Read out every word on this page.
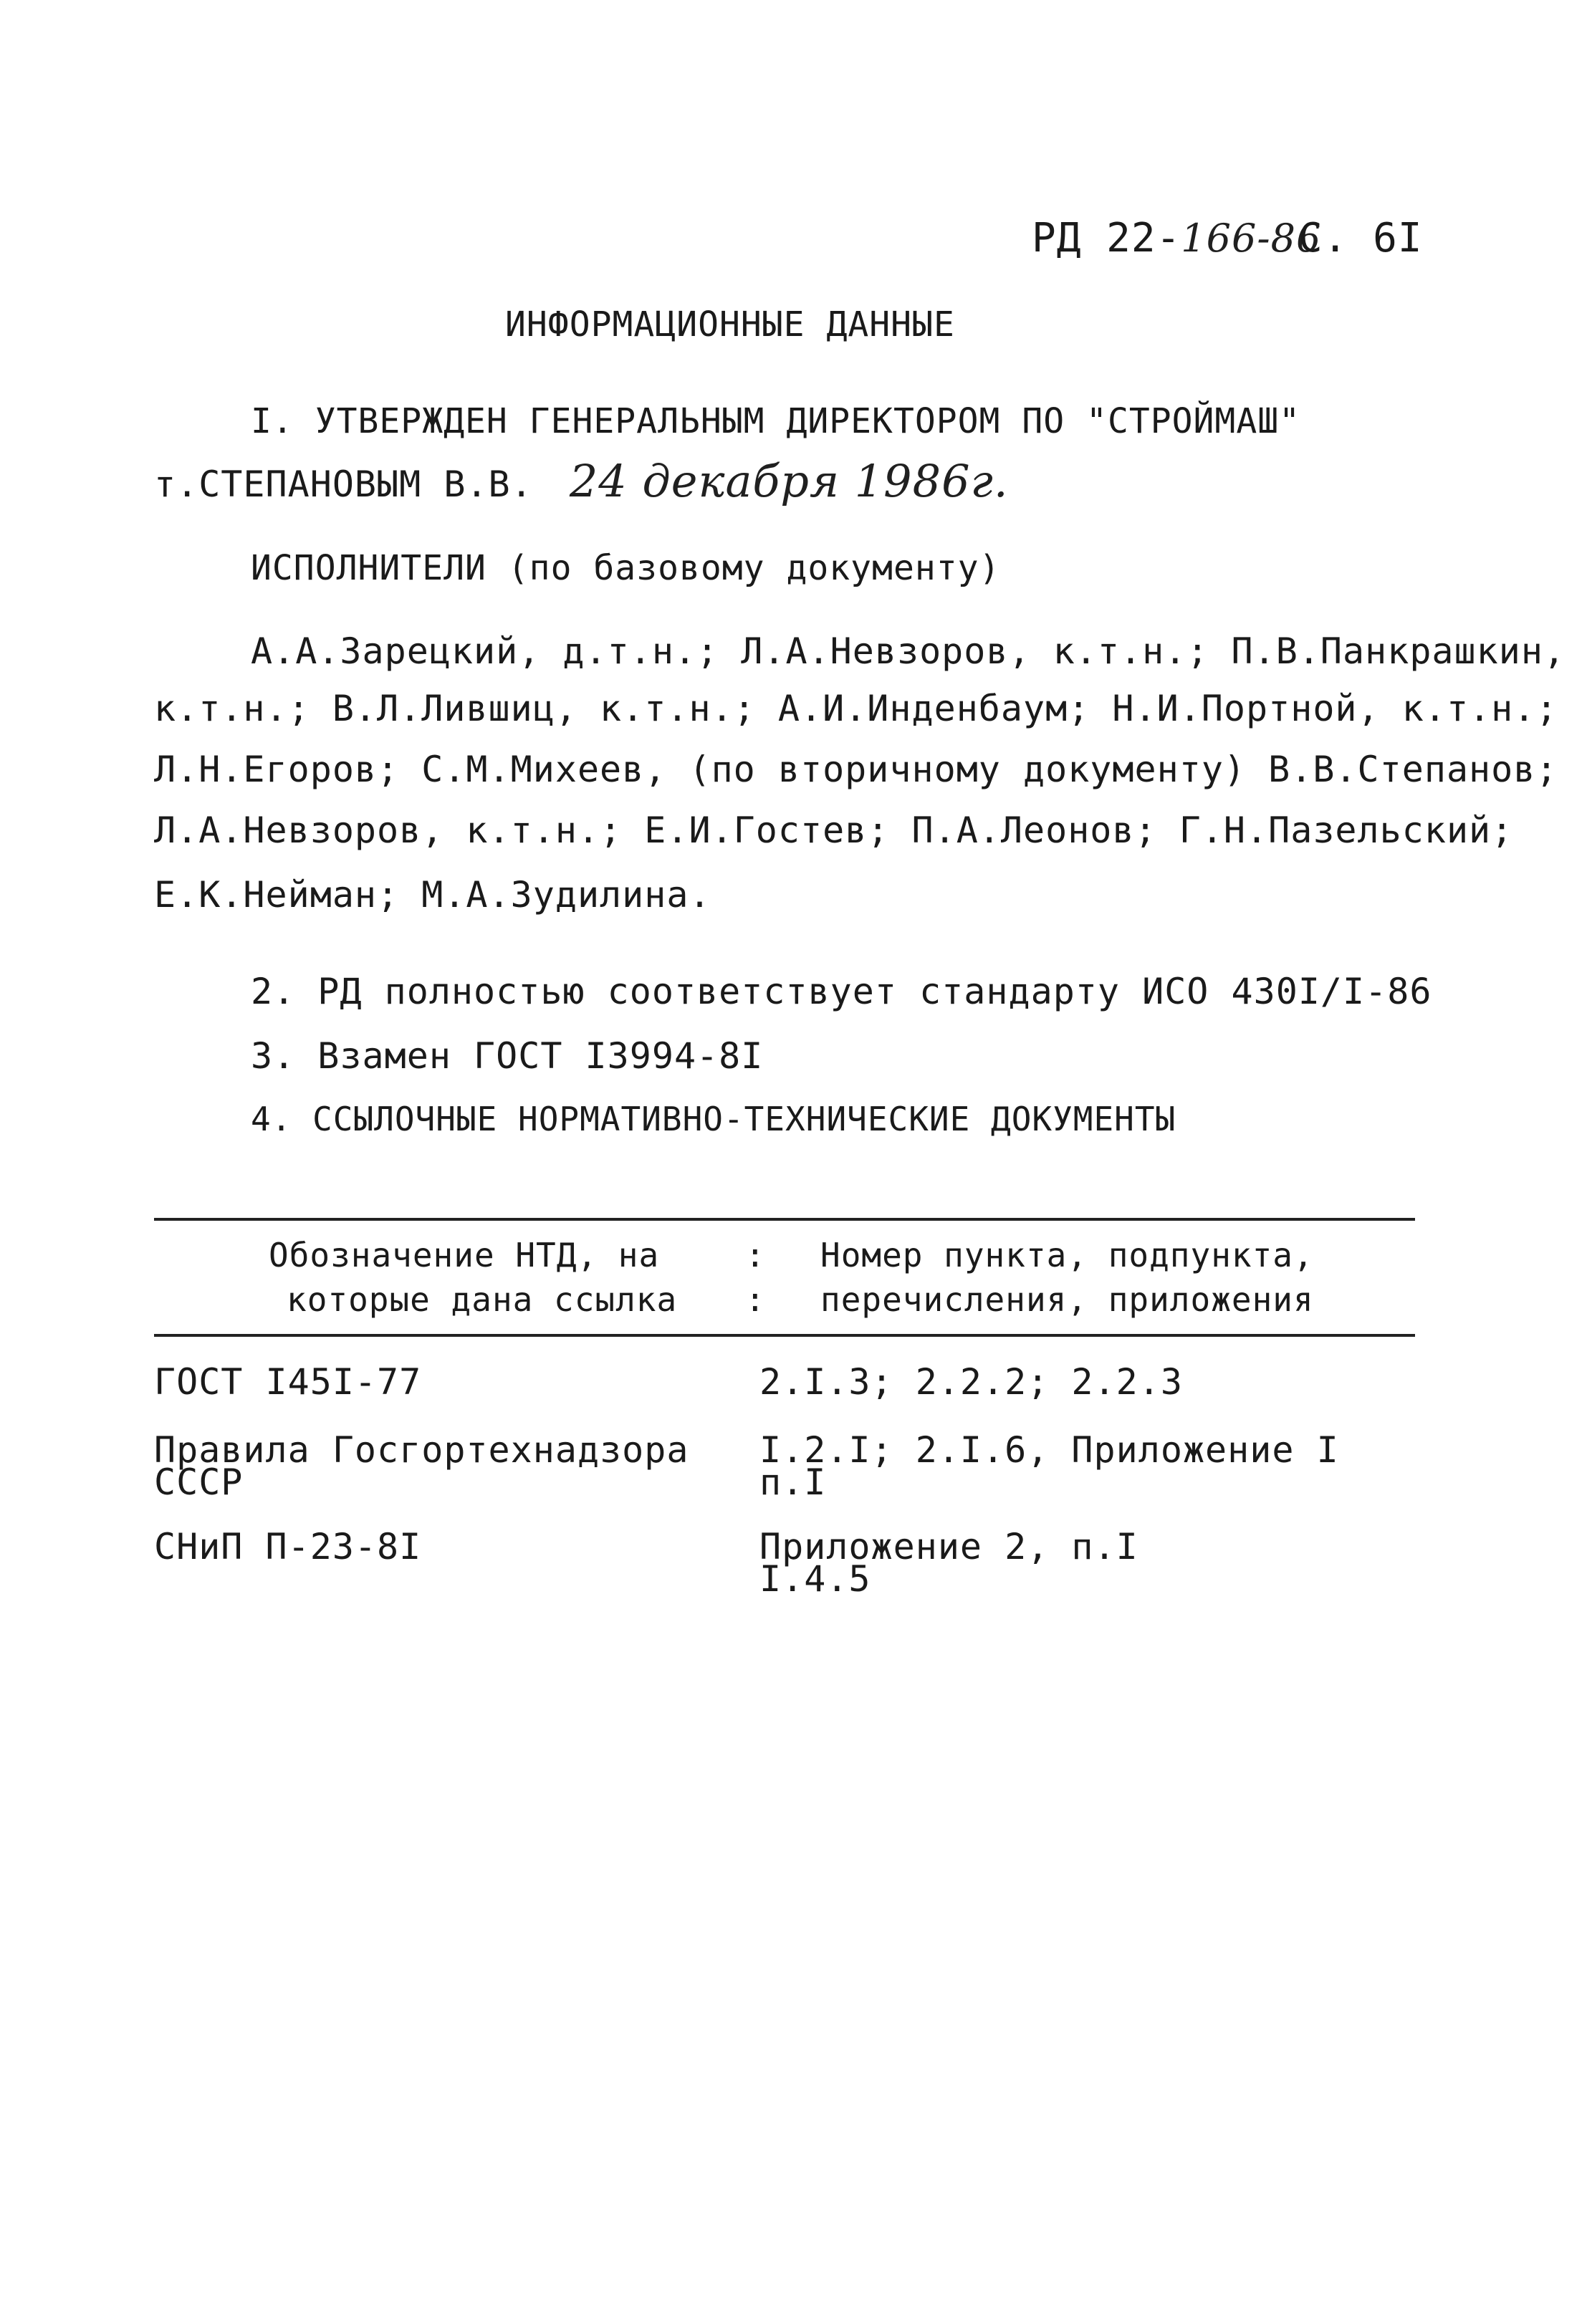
РД 22-166-86
С. 6I
ИНФОРМАЦИОННЫЕ ДАННЫЕ
I. УТВЕРЖДЕН ГЕНЕРАЛЬНЫМ ДИРЕКТОРОМ ПО "СТРОЙМАШ"
т.СТЕПАНОВЫМ В.В. 24 декабря 1986г.
ИСПОЛНИТЕЛИ (по базовому документу)
А.А.Зарецкий, д.т.н.; Л.А.Невзоров, к.т.н.; П.В.Панкрашкин,
к.т.н.; В.Л.Лившиц, к.т.н.; А.И.Инденбаум; Н.И.Портной, к.т.н.;
Л.Н.Егоров; С.М.Михеев, (по вторичному документу) В.В.Степанов;
Л.А.Невзоров, к.т.н.; Е.И.Гостев; П.А.Леонов; Г.Н.Пазельский;
Е.К.Нейман; М.А.Зудилина.
2. РД полностью соответствует стандарту ИСО 430I/I-86
3. Взамен ГОСТ I3994-8I
4. ССЫЛОЧНЫЕ НОРМАТИВНО-ТЕХНИЧЕСКИЕ ДОКУМЕНТЫ
Обозначение НТД, на
которые дана ссылка
:
:
Номер пункта, подпункта,
перечисления, приложения
ГОСТ I45I-77	2.I.3; 2.2.2; 2.2.3
Правила Госгортехнадзора
СССР
I.2.I; 2.I.6, Приложение I
п.I
СНиП П-23-8I	Приложение 2, п.I
I.4.5
